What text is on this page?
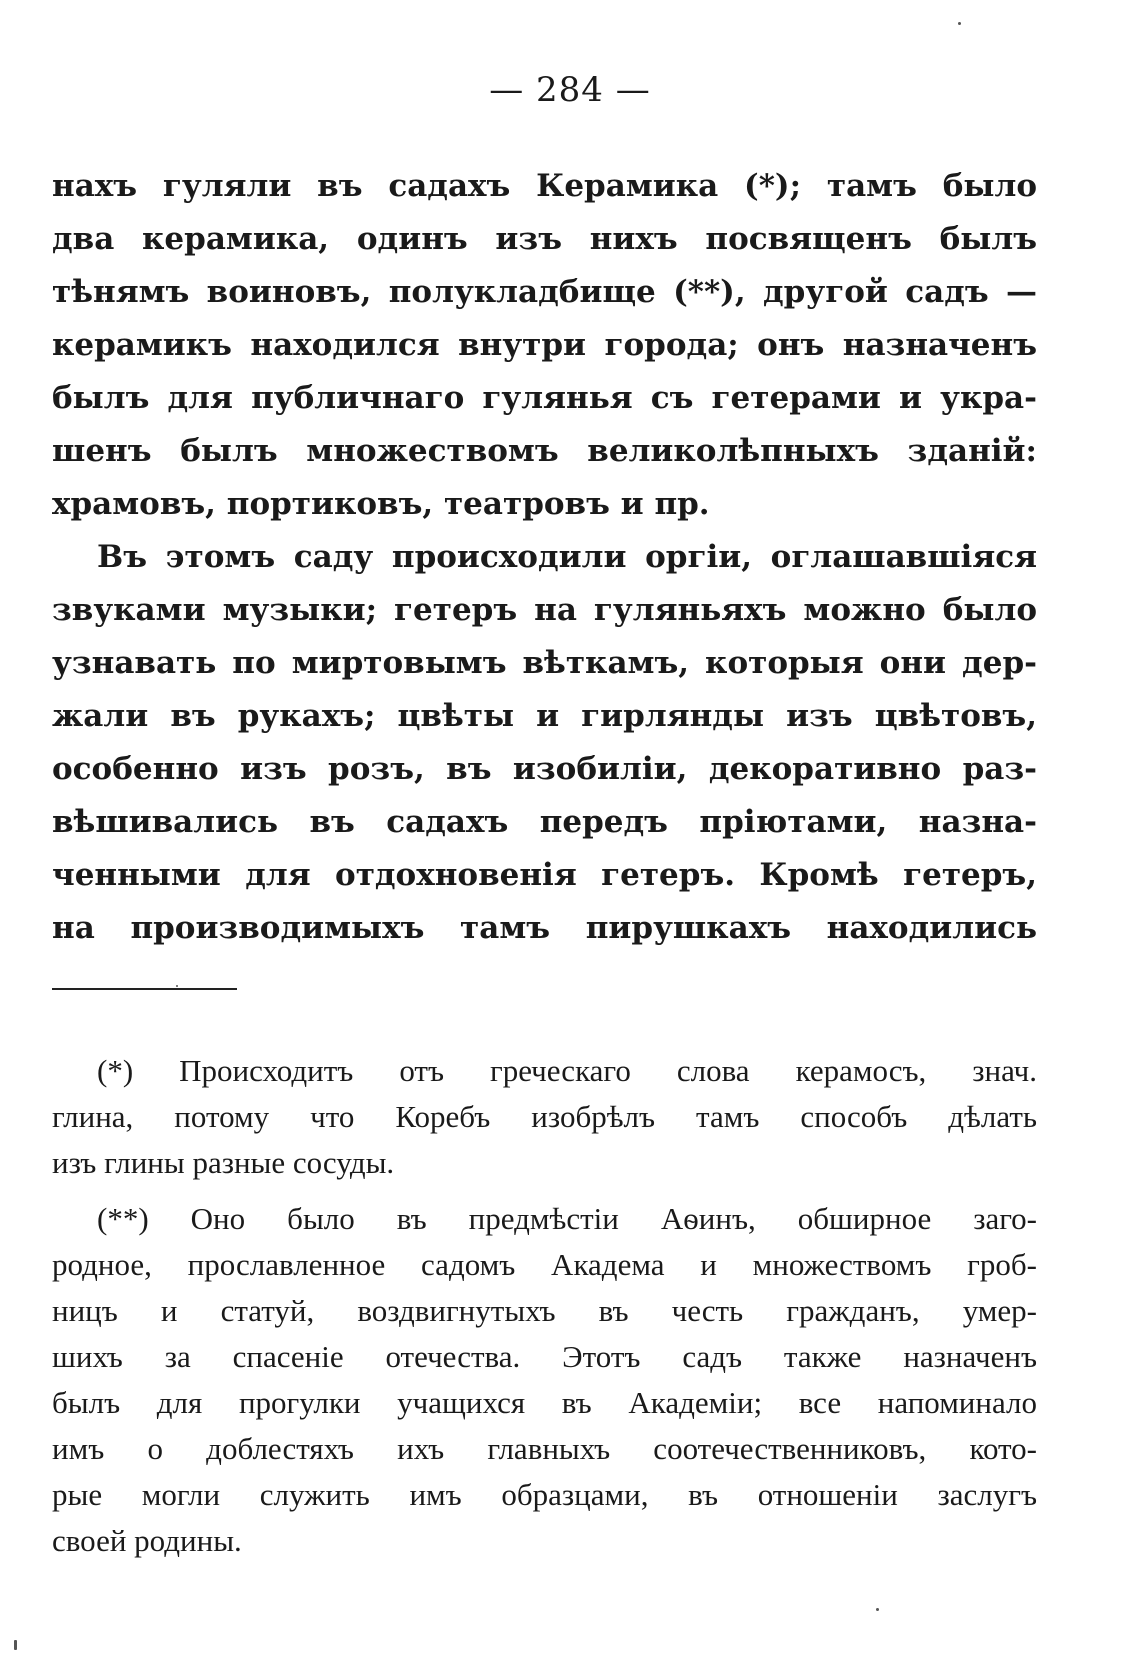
— 284 —
нахъ гуляли въ садахъ Керамика (*); тамъ было
два керамика, одинъ изъ нихъ посвященъ былъ
тѣнямъ воиновъ, полукладбище (**), другой садъ —
керамикъ находился внутри города; онъ назначенъ
былъ для публичнаго гулянья съ гетерами и укра-
шенъ былъ множествомъ великолѣпныхъ зданій:
храмовъ, портиковъ, театровъ и пр.
Въ этомъ саду происходили оргіи, оглашавшіяся
звуками музыки; гетеръ на гуляньяхъ можно было
узнавать по миртовымъ вѣткамъ, которыя они дер-
жали въ рукахъ; цвѣты и гирлянды изъ цвѣтовъ,
особенно изъ розъ, въ изобиліи, декоративно раз-
вѣшивались въ садахъ передъ пріютами, назна-
ченными для отдохновенія гетеръ. Кромѣ гетеръ,
на производимыхъ тамъ пирушкахъ находились
(*) Происходитъ отъ греческаго слова керамосъ, знач.
глина, потому что Коребъ изобрѣлъ тамъ способъ дѣлать
изъ глины разные сосуды.
(**) Оно было въ предмѣстіи Аѳинъ, обширное заго-
родное, прославленное садомъ Академа и множествомъ гроб-
ницъ и статуй, воздвигнутыхъ въ честь гражданъ, умер-
шихъ за спасеніе отечества. Этотъ садъ также назначенъ
былъ для прогулки учащихся въ Академіи; все напоминало
имъ о доблестяхъ ихъ главныхъ соотечественниковъ, кото-
рые могли служить имъ образцами, въ отношеніи заслугъ
своей родины.
